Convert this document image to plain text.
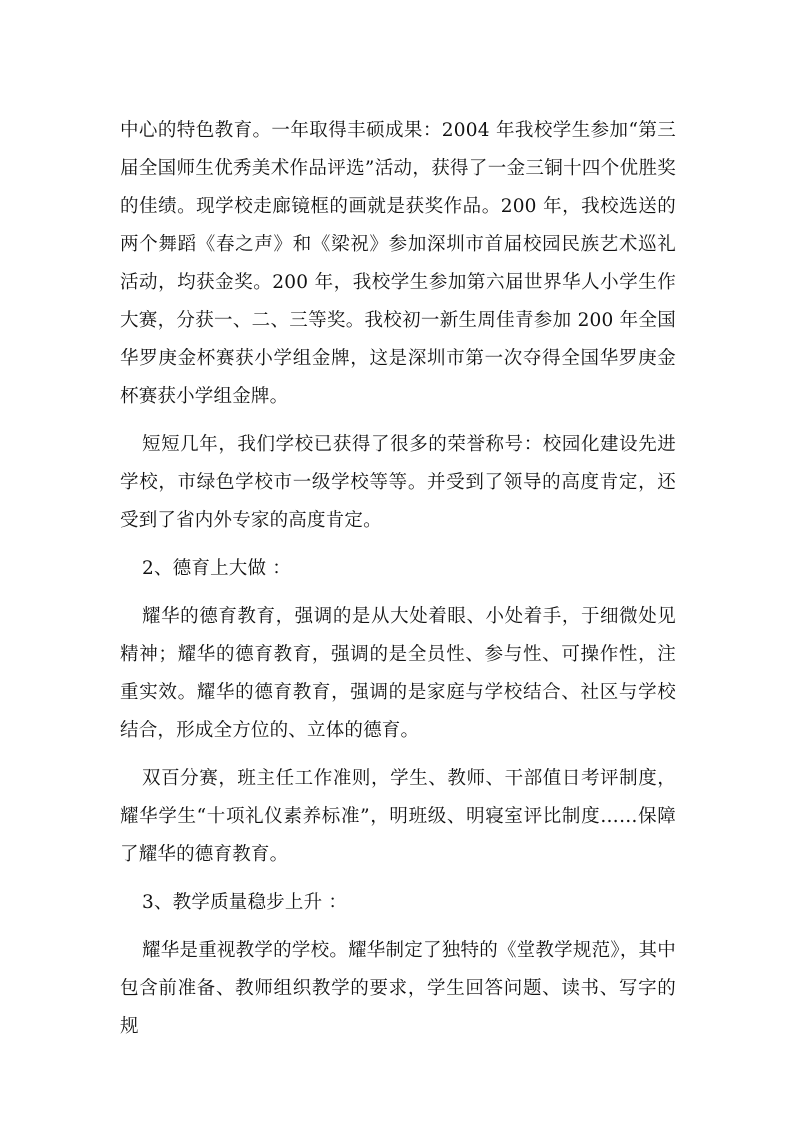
中心的特色教育。一年取得丰硕成果：2004 年我校学生参加“第三届全国师生优秀美术作品评选”活动，获得了一金三铜十四个优胜奖的佳绩。现学校走廊镜框的画就是获奖作品。200 年，我校选送的两个舞蹈《春之声》和《梁祝》参加深圳市首届校园民族艺术巡礼活动，均获金奖。200 年，我校学生参加第六届世界华人小学生作大赛，分获一、二、三等奖。我校初一新生周佳青参加 200 年全国华罗庚金杯赛获小学组金牌，这是深圳市第一次夺得全国华罗庚金杯赛获小学组金牌。

短短几年，我们学校已获得了很多的荣誉称号：校园化建设先进学校，市绿色学校市一级学校等等。并受到了领导的高度肯定，还受到了省内外专家的高度肯定。

2、德育上大做 ：

耀华的德育教育，强调的是从大处着眼、小处着手，于细微处见精神；耀华的德育教育，强调的是全员性、参与性、可操作性，注重实效。耀华的德育教育，强调的是家庭与学校结合、社区与学校结合，形成全方位的、立体的德育。

双百分赛，班主任工作准则，学生、教师、干部值日考评制度，耀华学生“十项礼仪素养标准”，明班级、明寝室评比制度……保障了耀华的德育教育。

3、教学质量稳步上升 ：

耀华是重视教学的学校。耀华制定了独特的《堂教学规范》，其中包含前准备、教师组织教学的要求，学生回答问题、读书、写字的规
